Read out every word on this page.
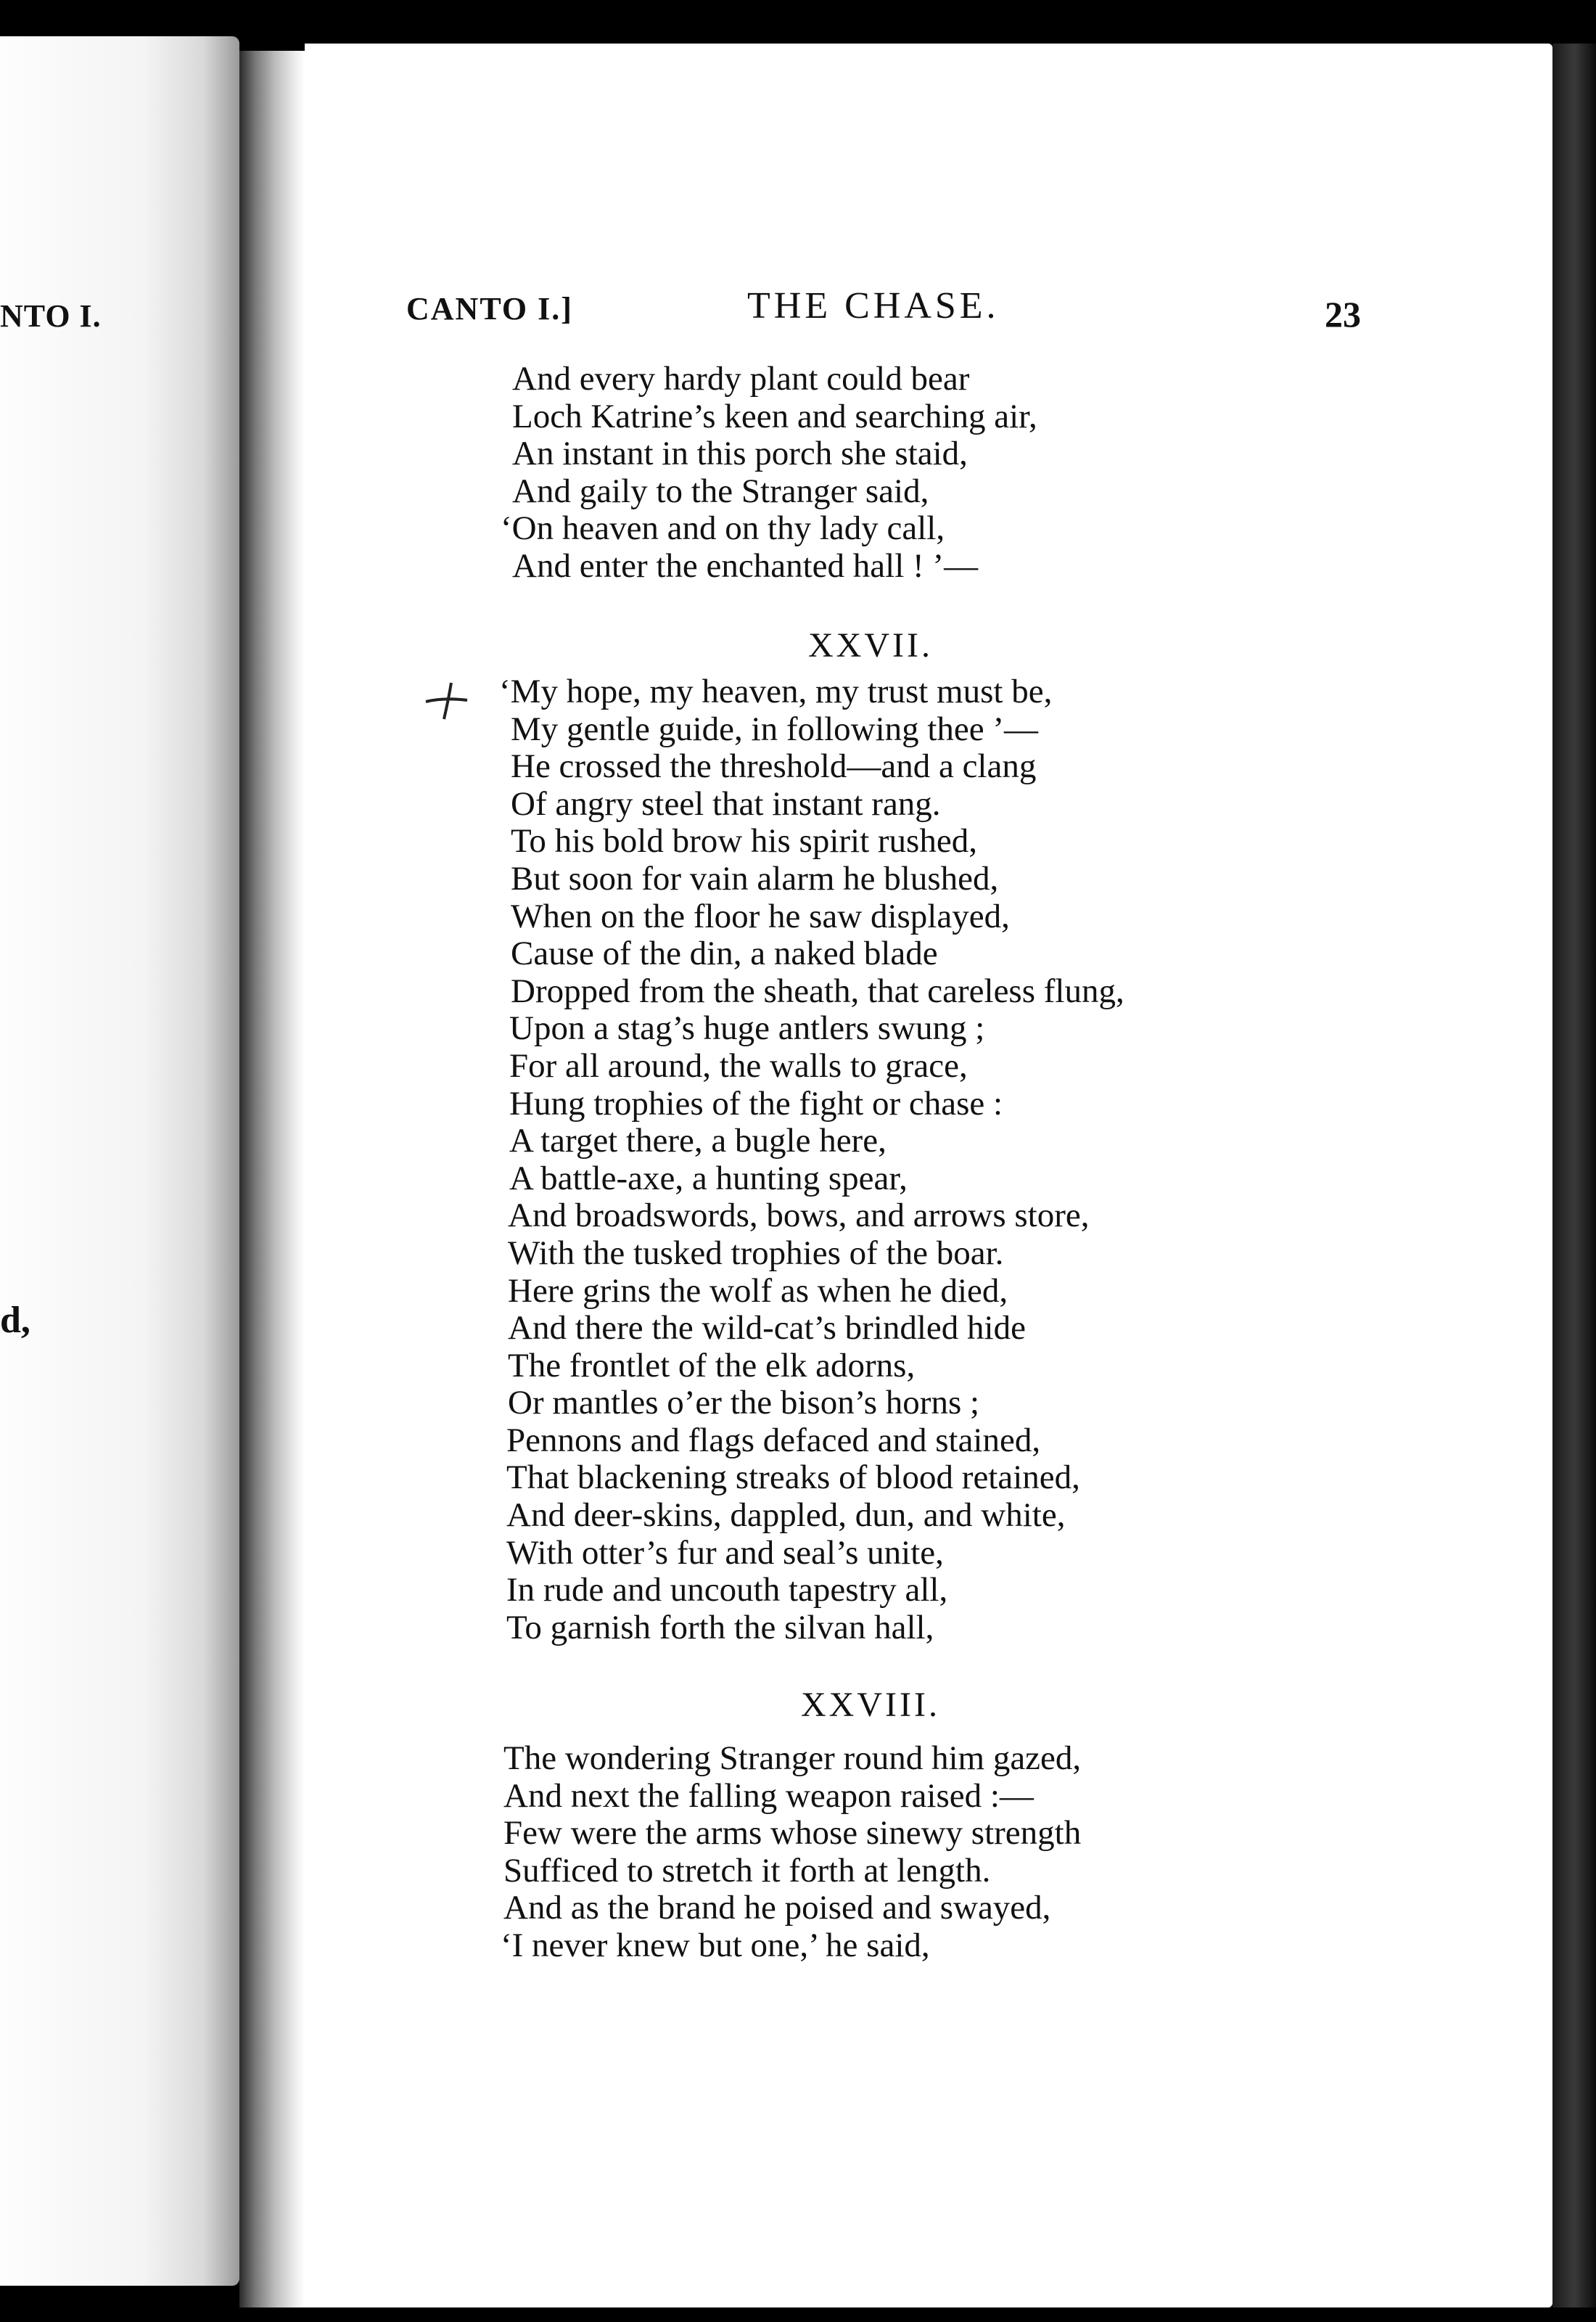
NTO I.
d,
CANTO I.]	THE CHASE.	23
And every hardy plant could bear
Loch Katrine’s keen and searching air,
An instant in this porch she staid,
And gaily to the Stranger said,
‘On heaven and on thy lady call,
And enter the enchanted hall ! ’—
XXVII.
‘My hope, my heaven, my trust must be,
My gentle guide, in following thee ’—
He crossed the threshold—and a clang
Of angry steel that instant rang.
To his bold brow his spirit rushed,
But soon for vain alarm he blushed,
When on the floor he saw displayed,
Cause of the din, a naked blade
Dropped from the sheath, that careless flung,
Upon a stag’s huge antlers swung ;
For all around, the walls to grace,
Hung trophies of the fight or chase :
A target there, a bugle here,
A battle-axe, a hunting spear,
And broadswords, bows, and arrows store,
With the tusked trophies of the boar.
Here grins the wolf as when he died,
And there the wild-cat’s brindled hide
The frontlet of the elk adorns,
Or mantles o’er the bison’s horns ;
Pennons and flags defaced and stained,
That blackening streaks of blood retained,
And deer-skins, dappled, dun, and white,
With otter’s fur and seal’s unite,
In rude and uncouth tapestry all,
To garnish forth the silvan hall,
XXVIII.
The wondering Stranger round him gazed,
And next the falling weapon raised :—
Few were the arms whose sinewy strength
Sufficed to stretch it forth at length.
And as the brand he poised and swayed,
‘I never knew but one,’ he said,
